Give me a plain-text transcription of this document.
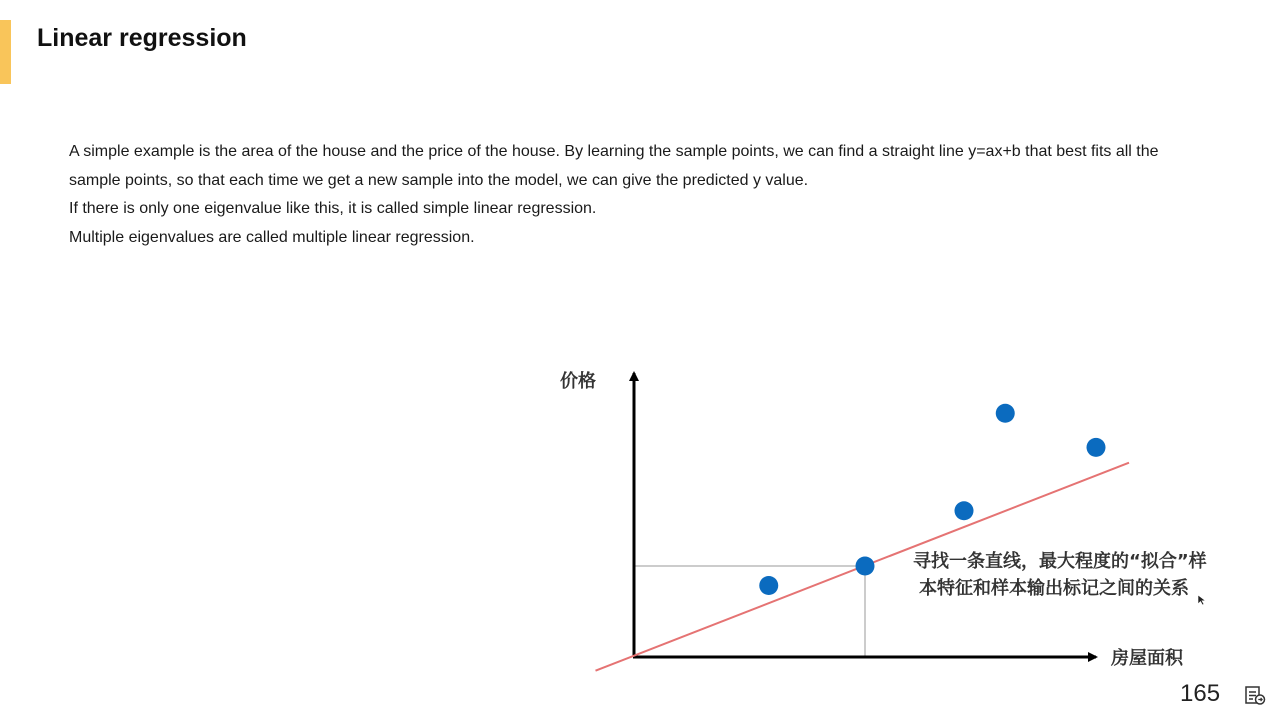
Linear regression

A simple example is the area of the house and the price of the house. By learning the sample points, we can find a straight line y=ax+b that best fits all the sample points, so that each time we get a new sample into the model, we can give the predicted y value.

If there is only one eigenvalue like this, it is called simple linear regression.

Multiple eigenvalues are called multiple linear regression.

价格
房屋面积
寻找一条直线，最大程度的“拟合”样
本特征和样本输出标记之间的关系
165
